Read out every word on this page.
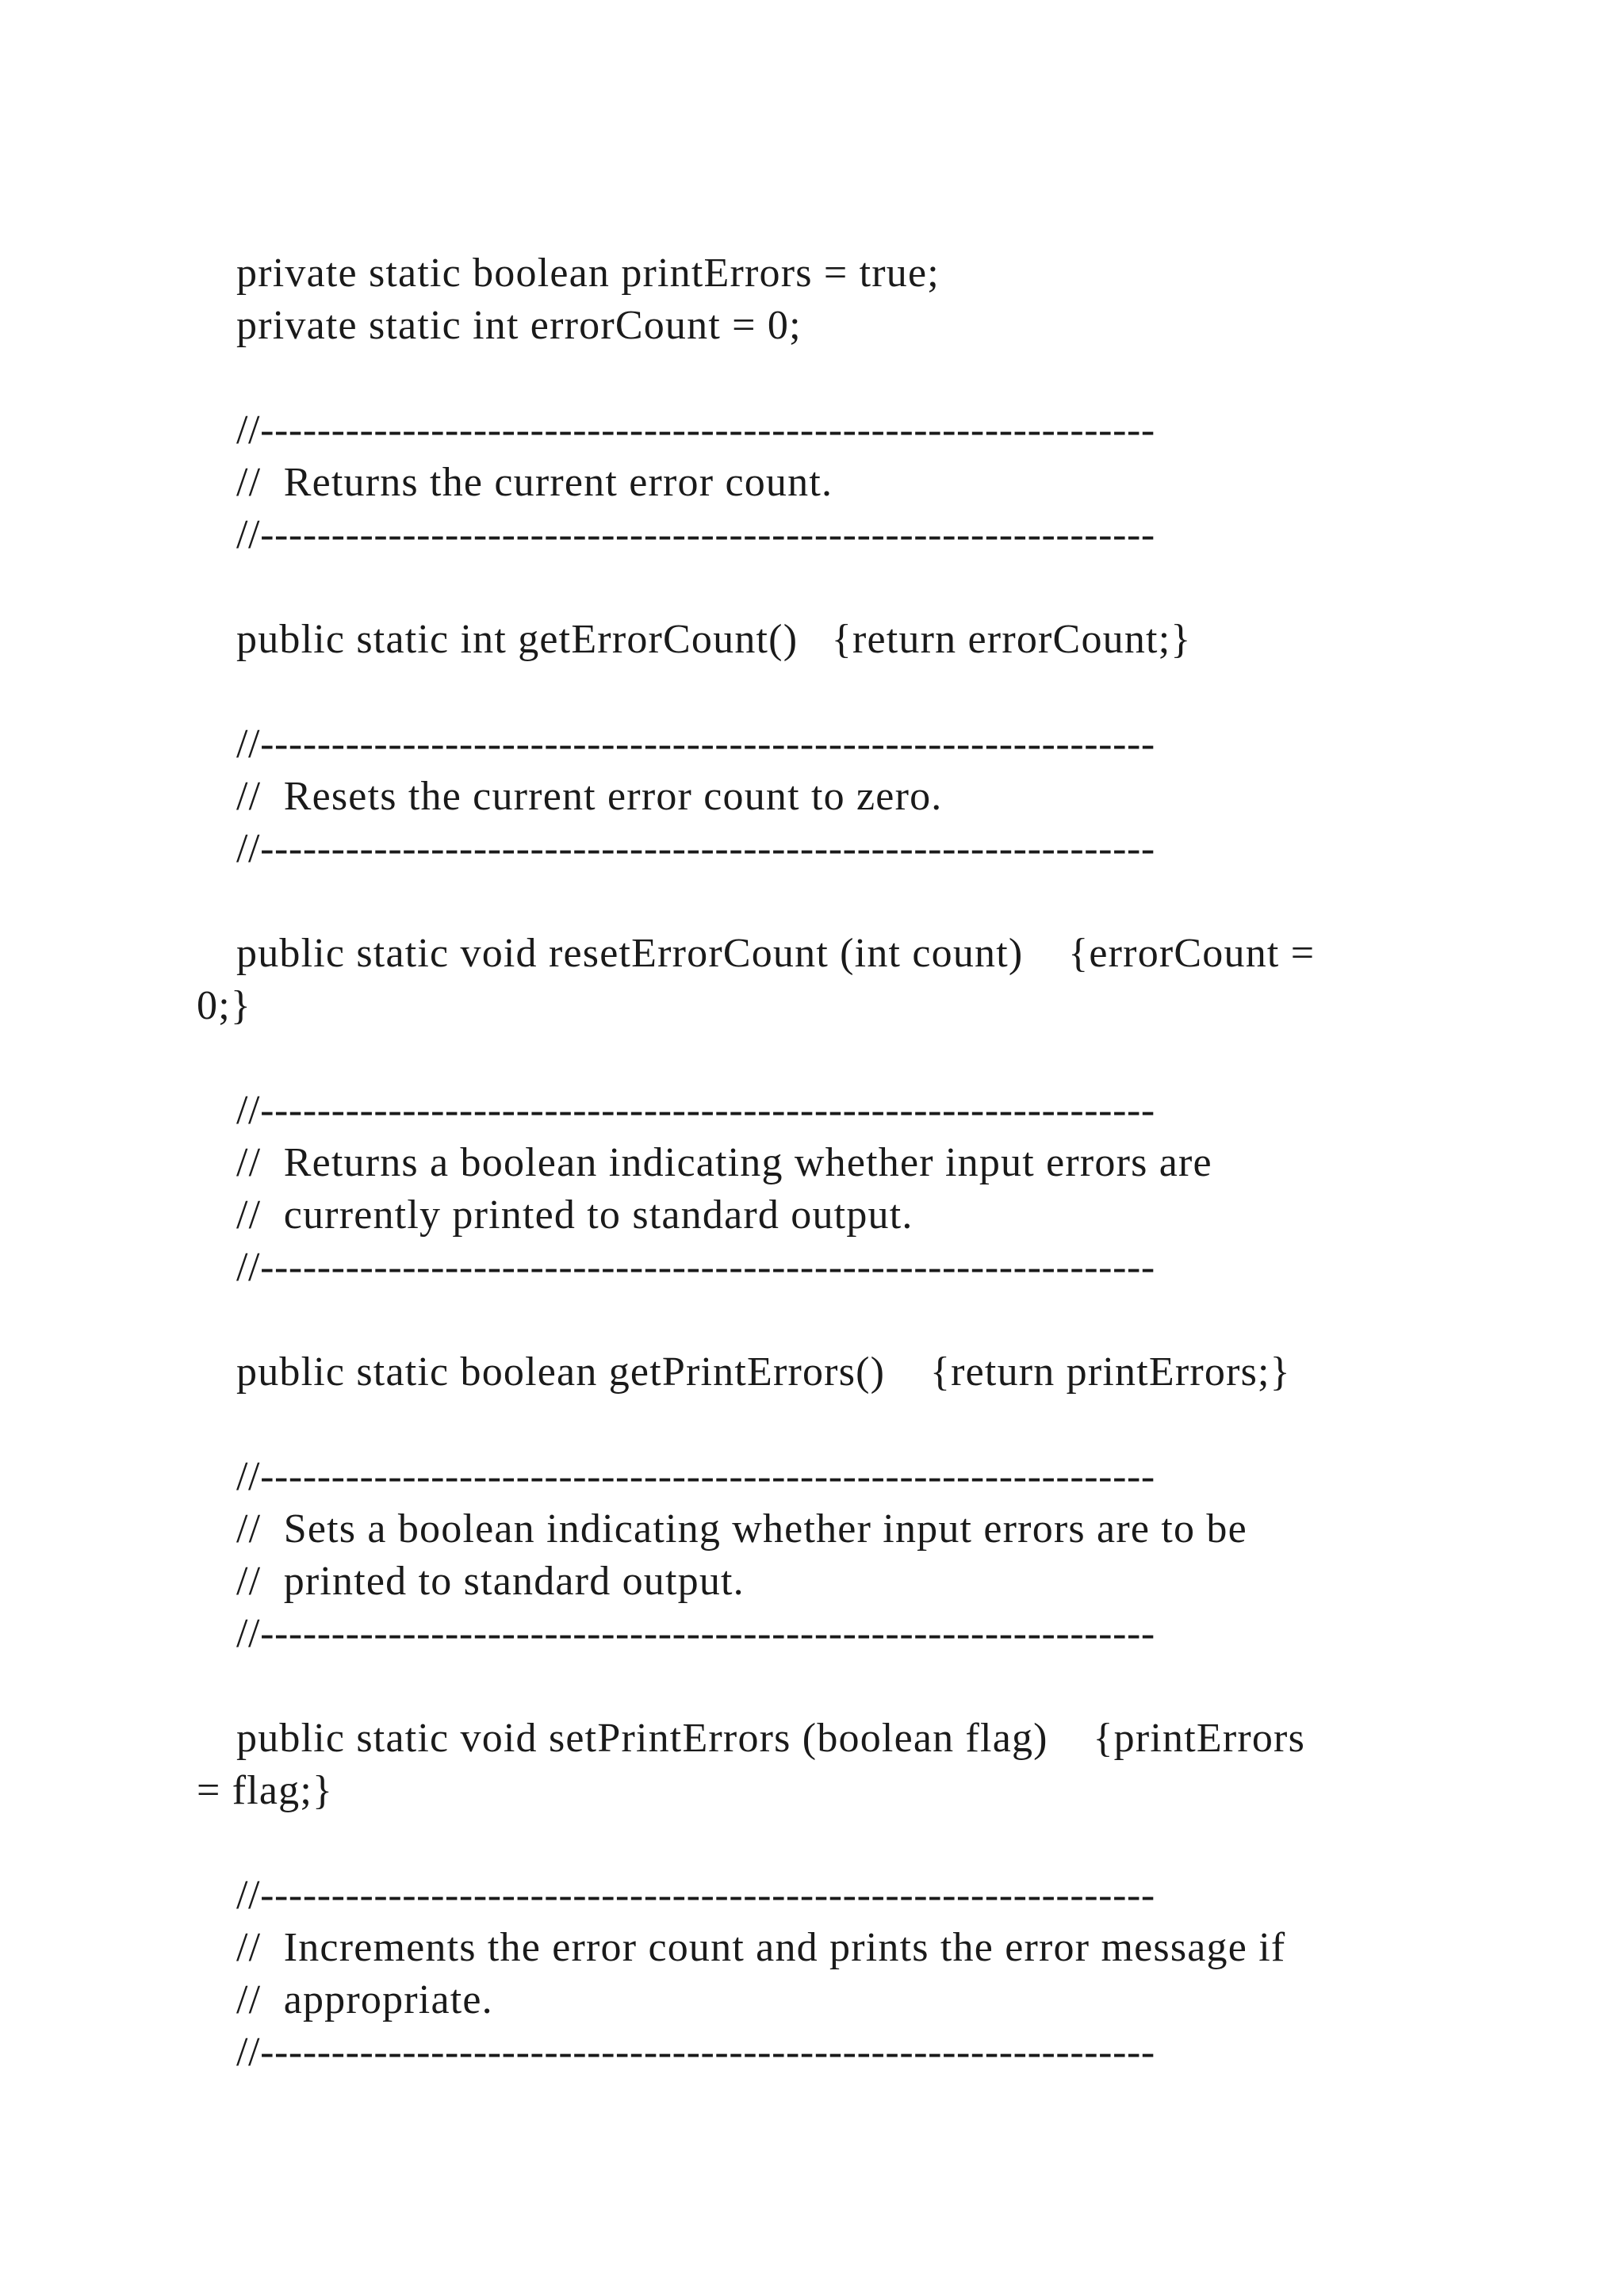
private static boolean printErrors = true;
private static int errorCount = 0;
//---------------------------------------------------------------
//  Returns the current error count.
//---------------------------------------------------------------
public static int getErrorCount()   {return errorCount;}
//---------------------------------------------------------------
//  Resets the current error count to zero.
//---------------------------------------------------------------
public static void resetErrorCount (int count)    {errorCount =
0;}
//---------------------------------------------------------------
//  Returns a boolean indicating whether input errors are
//  currently printed to standard output.
//---------------------------------------------------------------
public static boolean getPrintErrors()    {return printErrors;}
//---------------------------------------------------------------
//  Sets a boolean indicating whether input errors are to be
//  printed to standard output.
//---------------------------------------------------------------
public static void setPrintErrors (boolean flag)    {printErrors
= flag;}
//---------------------------------------------------------------
//  Increments the error count and prints the error message if
//  appropriate.
//---------------------------------------------------------------
